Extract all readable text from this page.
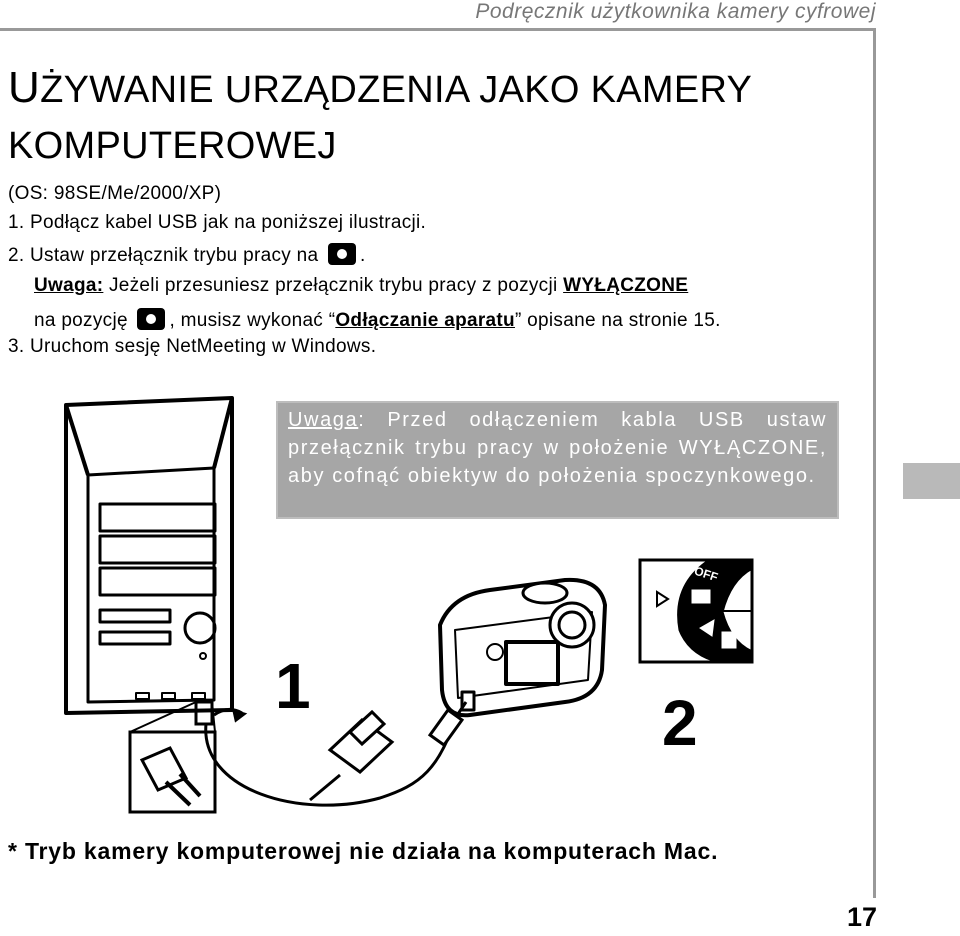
Podręcznik użytkownika kamery cyfrowej
UŻYWANIE URZĄDZENIA JAKO KAMERY
KOMPUTEROWEJ
(OS: 98SE/Me/2000/XP)
1. Podłącz kabel USB jak na poniższej ilustracji.
2. Ustaw przełącznik trybu pracy na .
Uwaga: Jeżeli przesuniesz przełącznik trybu pracy z pozycji WYŁĄCZONE
na pozycję , musisz wykonać “Odłączanie aparatu” opisane na stronie 15.
3. Uruchom sesję NetMeeting w Windows.
1
2
OFF
Uwaga: Przed odłączeniem kabla USB ustaw przełącznik trybu pracy w położenie WYŁĄCZONE, aby cofnąć obiektyw do położenia spoczynkowego.
* Tryb kamery komputerowej nie działa na komputerach Mac.
17
